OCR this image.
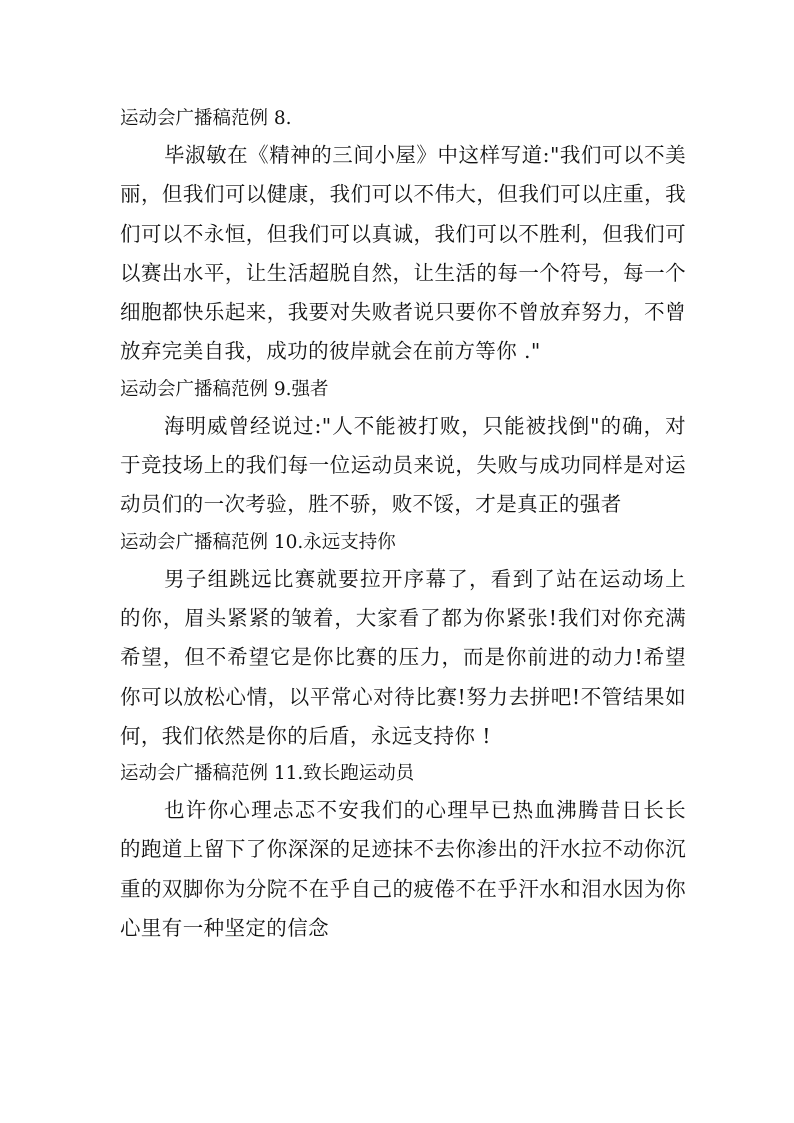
运动会广播稿范例 8.

毕淑敏在《精神的三间小屋》中这样写道:"我们可以不美丽，但我们可以健康，我们可以不伟大，但我们可以庄重，我们可以不永恒，但我们可以真诚，我们可以不胜利，但我们可以赛出水平，让生活超脱自然，让生活的每一个符号，每一个细胞都快乐起来，我要对失败者说只要你不曾放弃努力，不曾放弃完美自我，成功的彼岸就会在前方等你 ."

运动会广播稿范例 9.强者

海明威曾经说过:"人不能被打败，只能被找倒"的确，对于竞技场上的我们每一位运动员来说，失败与成功同样是对运动员们的一次考验，胜不骄，败不馁，才是真正的强者

运动会广播稿范例 10.永远支持你

男子组跳远比赛就要拉开序幕了，看到了站在运动场上的你，眉头紧紧的皱着，大家看了都为你紧张!我们对你充满希望，但不希望它是你比赛的压力，而是你前进的动力!希望你可以放松心情，以平常心对待比赛!努力去拼吧!不管结果如何，我们依然是你的后盾，永远支持你 !

运动会广播稿范例 11.致长跑运动员

也许你心理忐忑不安我们的心理早已热血沸腾昔日长长的跑道上留下了你深深的足迹抹不去你渗出的汗水拉不动你沉重的双脚你为分院不在乎自己的疲倦不在乎汗水和泪水因为你心里有一种坚定的信念
